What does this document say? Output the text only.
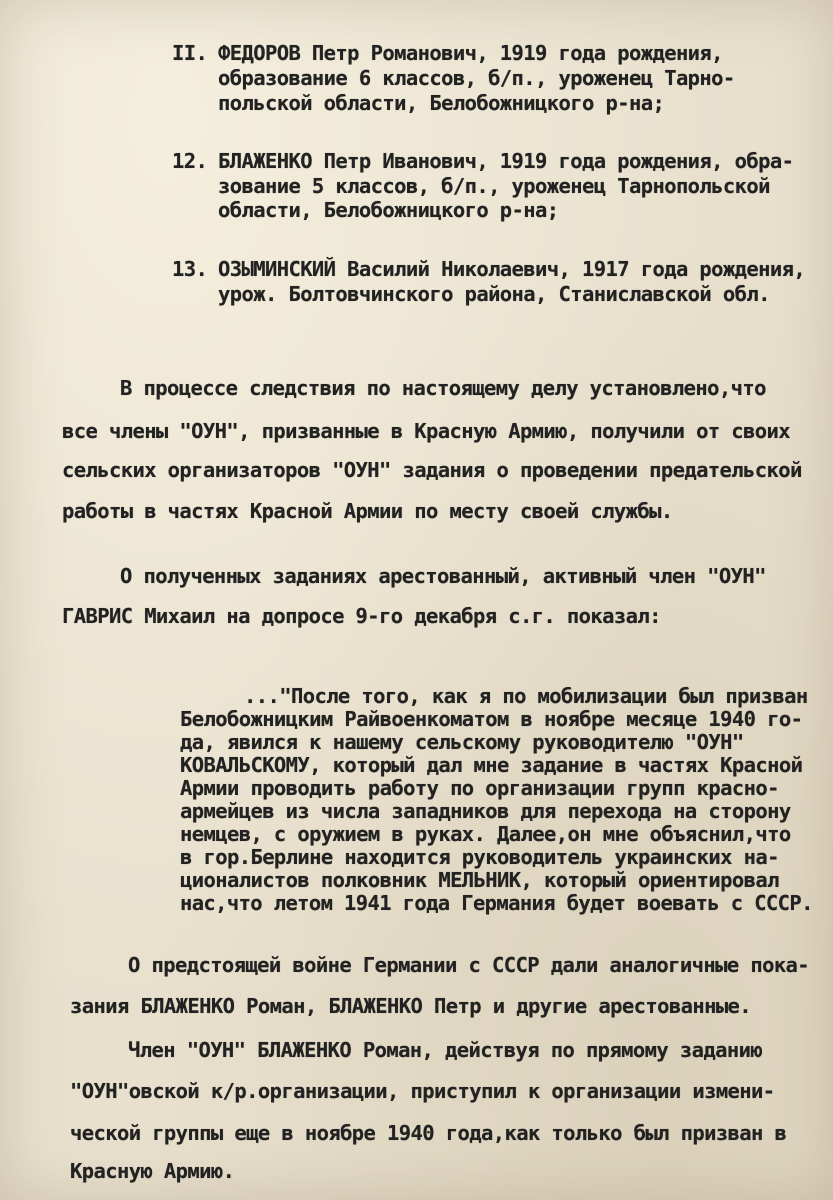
II. ФЕДОРОВ Петр Романович, 1919 года рождения,
образование 6 классов, б/п., уроженец Тарно-
польской области, Белобожницкого р-на;
12. БЛАЖЕНКО Петр Иванович, 1919 года рождения, обра-
зование 5 классов, б/п., уроженец Тарнопольской
области, Белобожницкого р-на;
13. ОЗЫМИНСКИЙ Василий Николаевич, 1917 года рождения,
урож. Болтовчинского района, Станиславской обл.
В процессе следствия по настоящему делу установлено,что
все члены "ОУН", призванные в Красную Армию, получили от своих
сельских организаторов "ОУН" задания о проведении предательской
работы в частях Красной Армии по месту своей службы.
О полученных заданиях арестованный, активный член "ОУН"
ГАВРИС Михаил на допросе 9-го декабря с.г. показал:
..."После того, как я по мобилизации был призван
Белобожницким Райвоенкоматом в ноябре месяце 1940 го-
да, явился к нашему сельскому руководителю "ОУН"
КОВАЛЬСКОМУ, который дал мне задание в частях Красной
Армии проводить работу по организации групп красно-
армейцев из числа западников для перехода на сторону
немцев, с оружием в руках. Далее,он мне объяснил,что
в гор.Берлине находится руководитель украинских на-
ционалистов полковник МЕЛЬНИК, который ориентировал
нас,что летом 1941 года Германия будет воевать с СССР.
О предстоящей войне Германии с СССР дали аналогичные пока-
зания БЛАЖЕНКО Роман, БЛАЖЕНКО Петр и другие арестованные.
Член "ОУН" БЛАЖЕНКО Роман, действуя по прямому заданию
"ОУН"овской к/р.организации, приступил к организации измени-
ческой группы еще в ноябре 1940 года,как только был призван в
Красную Армию.
